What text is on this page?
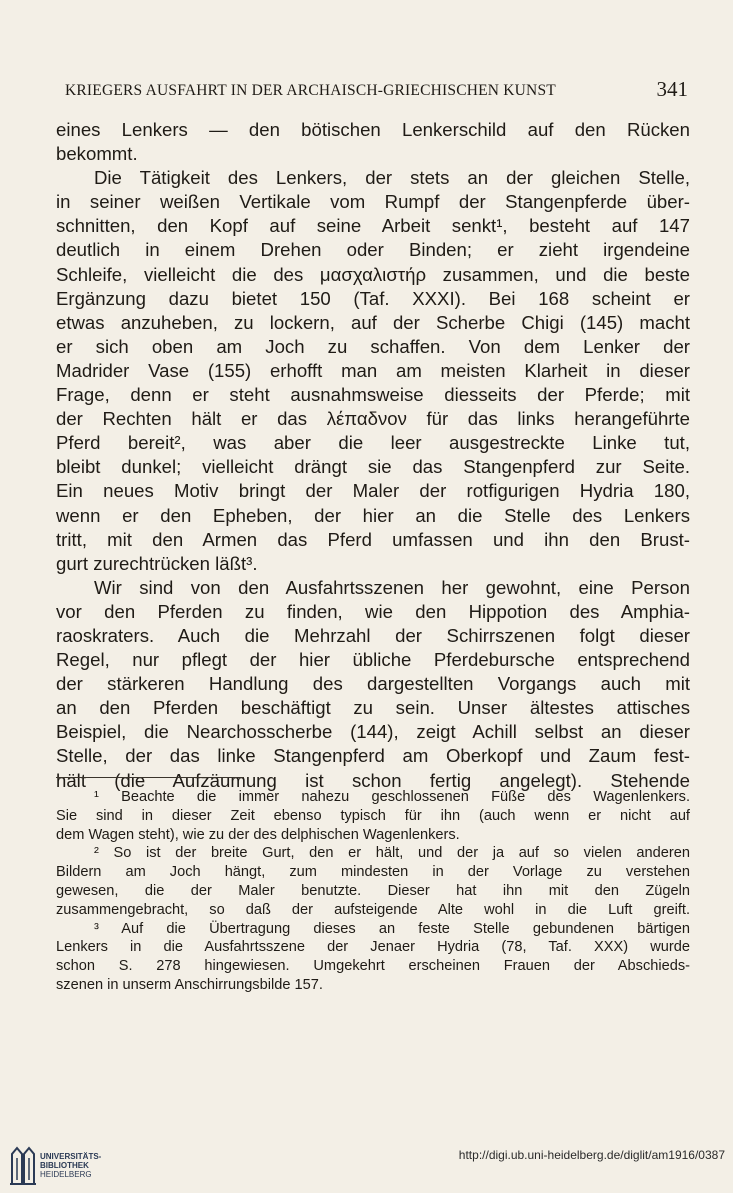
KRIEGERS AUSFAHRT IN DER ARCHAISCH-GRIECHISCHEN KUNST	341
eines Lenkers — den bötischen Lenkerschild auf den Rücken
bekommt.
Die Tätigkeit des Lenkers, der stets an der gleichen Stelle,
in seiner weißen Vertikale vom Rumpf der Stangenpferde über-
schnitten, den Kopf auf seine Arbeit senkt¹, besteht auf 147
deutlich in einem Drehen oder Binden; er zieht irgendeine
Schleife, vielleicht die des μασχαλιστήρ zusammen, und die beste
Ergänzung dazu bietet 150 (Taf. XXXI). Bei 168 scheint er
etwas anzuheben, zu lockern, auf der Scherbe Chigi (145) macht
er sich oben am Joch zu schaffen. Von dem Lenker der
Madrider Vase (155) erhofft man am meisten Klarheit in dieser
Frage, denn er steht ausnahmsweise diesseits der Pferde; mit
der Rechten hält er das λέπαδνον für das links herangeführte
Pferd bereit², was aber die leer ausgestreckte Linke tut,
bleibt dunkel; vielleicht drängt sie das Stangenpferd zur Seite.
Ein neues Motiv bringt der Maler der rotfigurigen Hydria 180,
wenn er den Epheben, der hier an die Stelle des Lenkers
tritt, mit den Armen das Pferd umfassen und ihn den Brust-
gurt zurechtrücken läßt³.
Wir sind von den Ausfahrtsszenen her gewohnt, eine Person
vor den Pferden zu finden, wie den Hippotion des Amphia-
raoskraters. Auch die Mehrzahl der Schirrszenen folgt dieser
Regel, nur pflegt der hier übliche Pferdebursche entsprechend
der stärkeren Handlung des dargestellten Vorgangs auch mit
an den Pferden beschäftigt zu sein. Unser ältestes attisches
Beispiel, die Nearchosscherbe (144), zeigt Achill selbst an dieser
Stelle, der das linke Stangenpferd am Oberkopf und Zaum fest-
hält (die Aufzäumung ist schon fertig angelegt). Stehende
¹ Beachte die immer nahezu geschlossenen Füße des Wagenlenkers.
Sie sind in dieser Zeit ebenso typisch für ihn (auch wenn er nicht auf
dem Wagen steht), wie zu der des delphischen Wagenlenkers.
² So ist der breite Gurt, den er hält, und der ja auf so vielen anderen
Bildern am Joch hängt, zum mindesten in der Vorlage zu verstehen
gewesen, die der Maler benutzte. Dieser hat ihn mit den Zügeln
zusammengebracht, so daß der aufsteigende Alte wohl in die Luft greift.
³ Auf die Übertragung dieses an feste Stelle gebundenen bärtigen
Lenkers in die Ausfahrtsszene der Jenaer Hydria (78, Taf. XXX) wurde
schon S. 278 hingewiesen. Umgekehrt erscheinen Frauen der Abschieds-
szenen in unserm Anschirrungsbilde 157.
UNIVERSITÄTS-
BIBLIOTHEK
HEIDELBERG
http://digi.ub.uni-heidelberg.de/diglit/am1916/0387
